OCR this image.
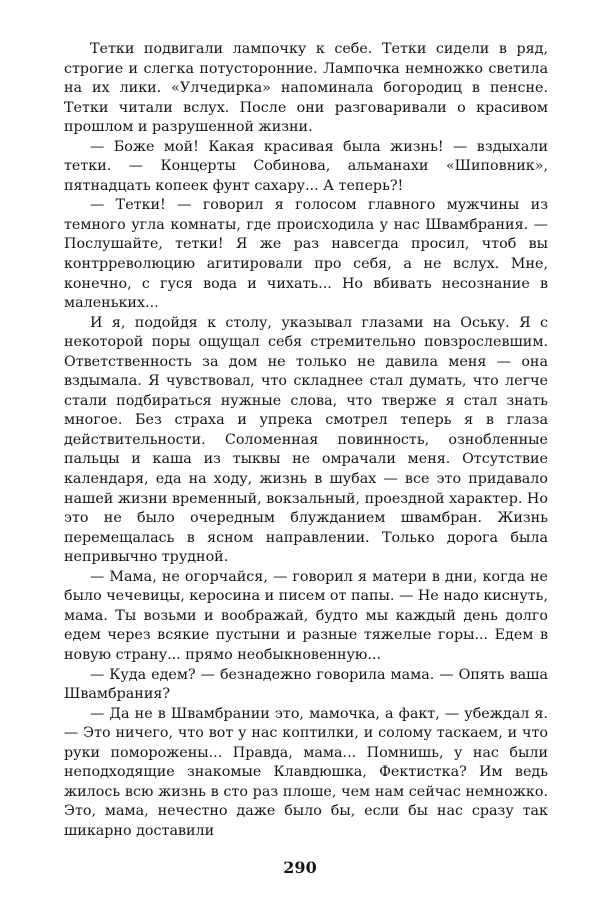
Тетки подвигали лампочку к себе. Тетки сидели в ряд, строгие и слегка потусторонние. Лампочка немножко светила на их лики. «Улчедирка» напоминала богородиц в пенсне. Тетки читали вслух. После они разговаривали о красивом прошлом и разрушенной жизни.

— Боже мой! Какая красивая была жизнь! — вздыхали тетки. — Концерты Собинова, альманахи «Шиповник», пятнадцать копеек фунт сахару... А теперь?!

— Тетки! — говорил я голосом главного мужчины из темного угла комнаты, где происходила у нас Швамбрания. — Послушайте, тетки! Я же раз навсегда просил, чтоб вы контрреволюцию агитировали про себя, а не вслух. Мне, конечно, с гуся вода и чихать... Но вбивать несознание в маленьких...

И я, подойдя к столу, указывал глазами на Оську. Я с некоторой поры ощущал себя стремительно повзрослевшим. Ответственность за дом не только не давила меня — она вздымала. Я чувствовал, что складнее стал думать, что легче стали подбираться нужные слова, что тверже я стал знать многое. Без страха и упрека смотрел теперь я в глаза действительности. Соломенная повинность, ознобленные пальцы и каша из тыквы не омрачали меня. Отсутствие календаря, еда на ходу, жизнь в шубах — все это придавало нашей жизни временный, вокзальный, проездной характер. Но это не было очередным блужданием швамбран. Жизнь перемещалась в ясном направлении. Только дорога была непривычно трудной.

— Мама, не огорчайся, — говорил я матери в дни, когда не было чечевицы, керосина и писем от папы. — Не надо киснуть, мама. Ты возьми и воображай, будто мы каждый день долго едем через всякие пустыни и разные тяжелые горы... Едем в новую страну... прямо необыкновенную...

— Куда едем? — безнадежно говорила мама. — Опять ваша Швамбрания?

— Да не в Швамбрании это, мамочка, а факт, — убеждал я. — Это ничего, что вот у нас коптилки, и солому таскаем, и что руки поморожены... Правда, мама... Помнишь, у нас были неподходящие знакомые Клавдюшка, Фектистка? Им ведь жилось всю жизнь в сто раз плоше, чем нам сейчас немножко. Это, мама, нечестно даже было бы, если бы нас сразу так шикарно доставили

290
